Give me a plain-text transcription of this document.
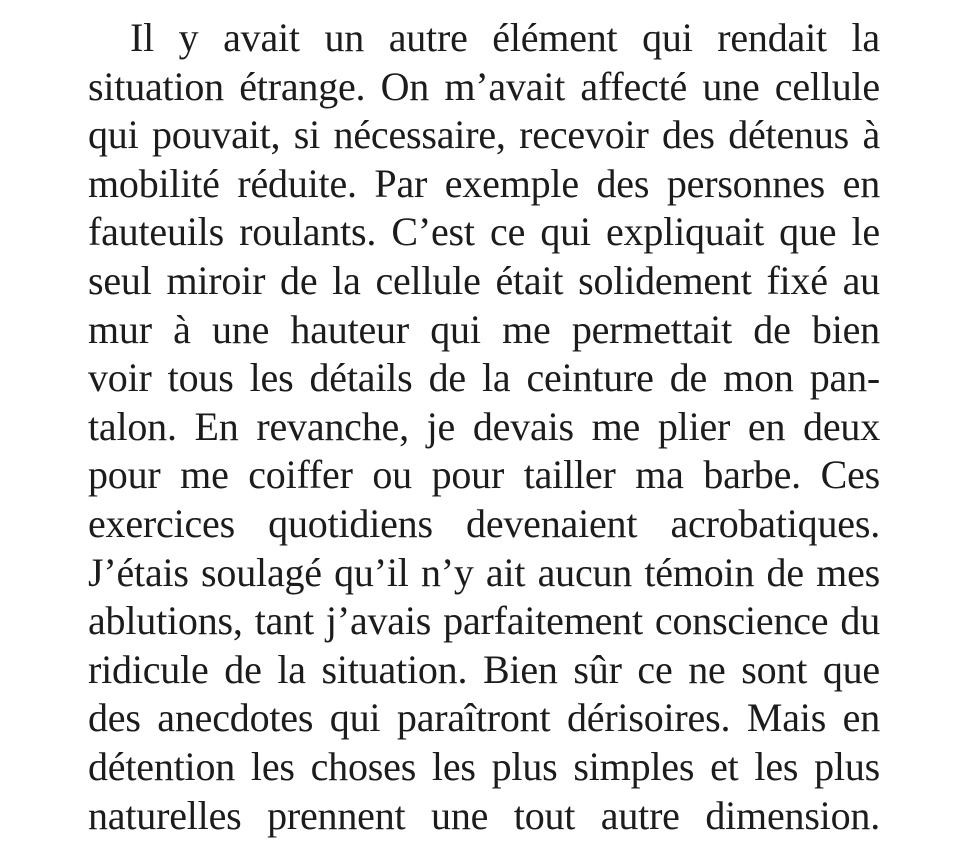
Il y avait un autre élément qui rendait la
situation étrange. On m’avait affecté une cellule
qui pouvait, si nécessaire, recevoir des détenus à
mobilité réduite. Par exemple des personnes en
fauteuils roulants. C’est ce qui expliquait que le
seul miroir de la cellule était solidement fixé au
mur à une hauteur qui me permettait de bien
voir tous les détails de la ceinture de mon pan-
talon. En revanche, je devais me plier en deux
pour me coiffer ou pour tailler ma barbe. Ces
exercices quotidiens devenaient acrobatiques.
J’étais soulagé qu’il n’y ait aucun témoin de mes
ablutions, tant j’avais parfaitement conscience du
ridicule de la situation. Bien sûr ce ne sont que
des anecdotes qui paraîtront dérisoires. Mais en
détention les choses les plus simples et les plus
naturelles prennent une tout autre dimension.
